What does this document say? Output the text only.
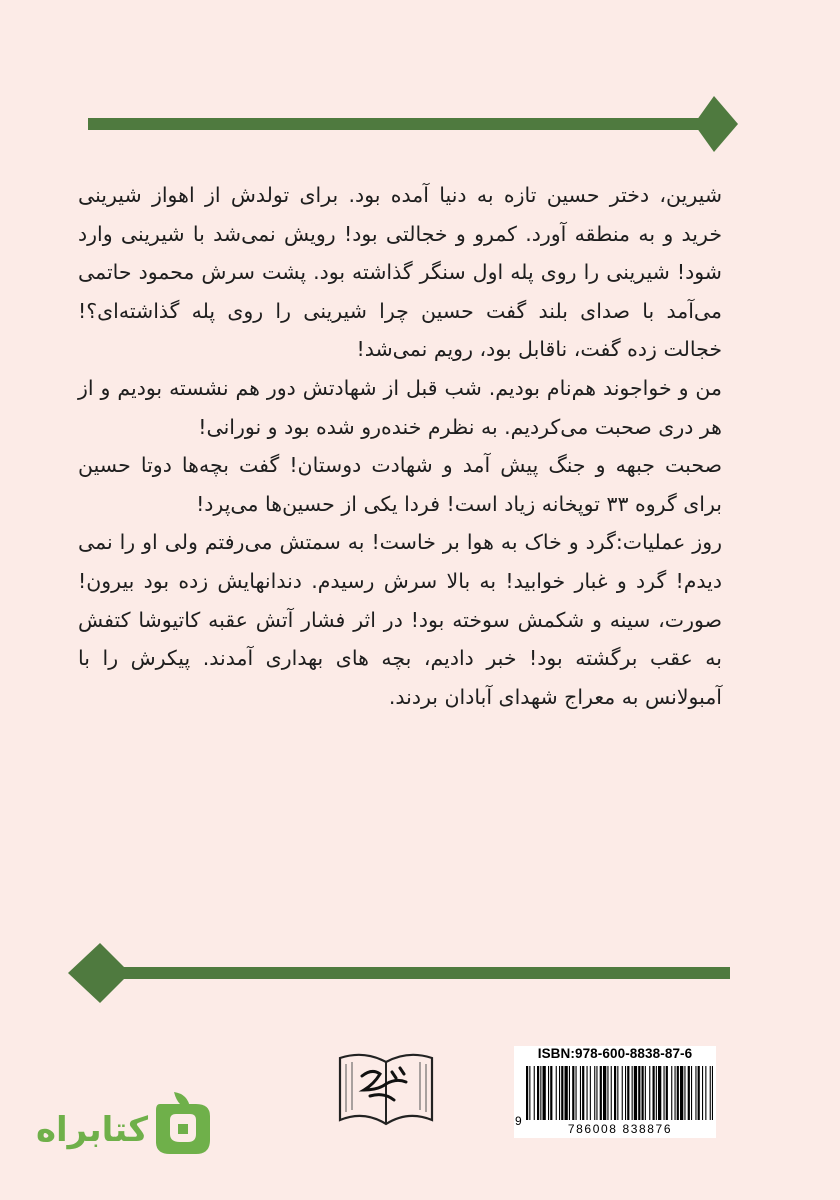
شیرین، دختر حسین تازه به دنیا آمده بود. برای تولدش از اهواز شیرینی خرید و به منطقه آورد. کمرو و خجالتی بود! رویش نمی‌شد با شیرینی وارد شود! شیرینی را روی پله اول سنگر گذاشته بود. پشت سرش محمود حاتمی می‌آمد با صدای بلند گفت حسین چرا شیرینی را روی پله گذاشته‌ای؟! خجالت زده گفت، ناقابل بود، رویم نمی‌شد!

من و خواجوند هم‌نام بودیم. شب قبل از شهادتش دور هم نشسته بودیم و از هر دری صحبت می‌کردیم. به نظرم خنده‌رو شده بود و نورانی!

صحبت جبهه و جنگ پیش آمد و شهادت دوستان! گفت بچه‌ها دوتا حسین برای گروه ۳۳ توپخانه زیاد است! فردا یکی از حسین‌ها می‌پرد!

روز عملیات:گرد و خاک به هوا بر خاست! به سمتش می‌رفتم ولی او را نمی دیدم! گرد و غبار خوابید! به بالا سرش رسیدم. دندانهایش زده بود بیرون! صورت، سینه و شکمش سوخته بود! در اثر فشار آتش عقبه کاتیوشا کتفش به عقب برگشته بود! خبر دادیم، بچه های بهداری آمدند. پیکرش را با آمبولانس به معراج شهدای آبادان بردند.

ISBN:978-600-8838-87-6
9
786008 838876
کتابراه
